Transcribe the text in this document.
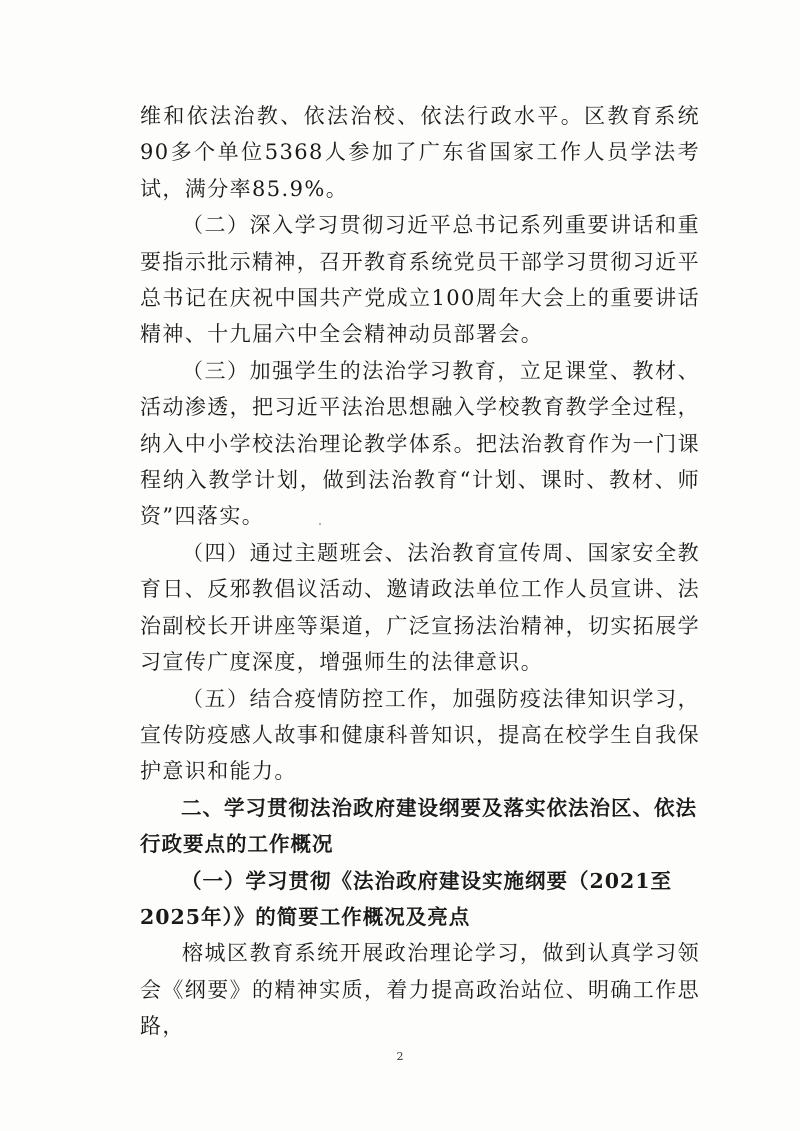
维和依法治教、依法治校、依法行政水平。区教育系统90多个单位5368人参加了广东省国家工作人员学法考试，满分率85.9%。

（二）深入学习贯彻习近平总书记系列重要讲话和重要指示批示精神，召开教育系统党员干部学习贯彻习近平总书记在庆祝中国共产党成立100周年大会上的重要讲话精神、十九届六中全会精神动员部署会。

（三）加强学生的法治学习教育，立足课堂、教材、活动渗透，把习近平法治思想融入学校教育教学全过程，纳入中小学校法治理论教学体系。把法治教育作为一门课程纳入教学计划，做到法治教育“计划、课时、教材、师资”四落实。

（四）通过主题班会、法治教育宣传周、国家安全教育日、反邪教倡议活动、邀请政法单位工作人员宣讲、法治副校长开讲座等渠道，广泛宣扬法治精神，切实拓展学习宣传广度深度，增强师生的法律意识。

（五）结合疫情防控工作，加强防疫法律知识学习，宣传防疫感人故事和健康科普知识，提高在校学生自我保护意识和能力。

二、学习贯彻法治政府建设纲要及落实依法治区、依法行政要点的工作概况

（一）学习贯彻《法治政府建设实施纲要（2021至2025年）》的简要工作概况及亮点

榕城区教育系统开展政治理论学习，做到认真学习领会《纲要》的精神实质，着力提高政治站位、明确工作思路，

2
